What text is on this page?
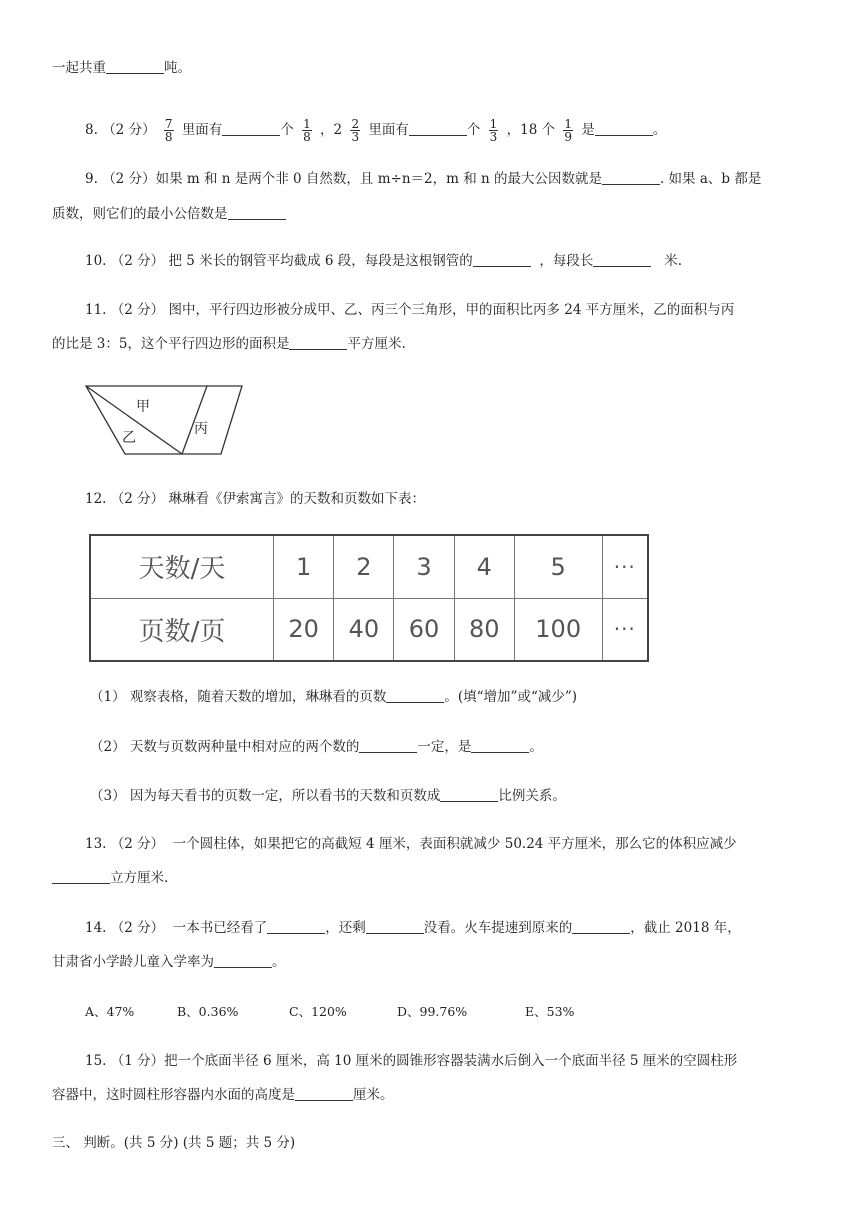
一起共重	吨。
8. （2 分） $\frac{7}{8}$ 里面有	个 $\frac{1}{8}$ ，$2 \frac{2}{3}$ 里面有	个 $\frac{1}{3}$ ，18 个 $\frac{1}{9}$ 是	。
9. （2 分）如果 m 和 n 是两个非 0 自然数，且 m÷n＝2，m 和 n 的最大公因数就是	. 如果 a、b 都是
质数，则它们的最小公倍数是
10. （2 分） 把 5 米长的钢管平均截成 6 段，每段是这根钢管的	，每段长	米.
11. （2 分） 图中，平行四边形被分成甲、乙、丙三个三角形，甲的面积比丙多 24 平方厘米，乙的面积与丙
的比是 3：5，这个平行四边形的面积是	平方厘米.
甲
乙
丙
12. （2 分） 琳琳看《伊索寓言》的天数和页数如下表：
天数/天	1	2	3	4	5	···
页数/页	20	40	60	80	100	···
（1） 观察表格，随着天数的增加，琳琳看的页数	。(填“增加”或“减少”)
（2） 天数与页数两种量中相对应的两个数的	一定，是	。
（3） 因为每天看书的页数一定，所以看书的天数和页数成	比例关系。
13. （2 分） 一个圆柱体，如果把它的高截短 4 厘米，表面积就减少 50.24 平方厘米，那么它的体积应减少
立方厘米.
14. （2 分） 一本书已经看了	，还剩	没看。火车提速到原来的	，截止 2018 年，
甘肃省小学龄儿童入学率为	。
A、47%	B、0.36%	C、120%	D、99.76%	E、53%
15. （1 分）把一个底面半径 6 厘米，高 10 厘米的圆锥形容器装满水后倒入一个底面半径 5 厘米的空圆柱形
容器中，这时圆柱形容器内水面的高度是	厘米。
三、 判断。(共 5 分) (共 5 题；共 5 分)
